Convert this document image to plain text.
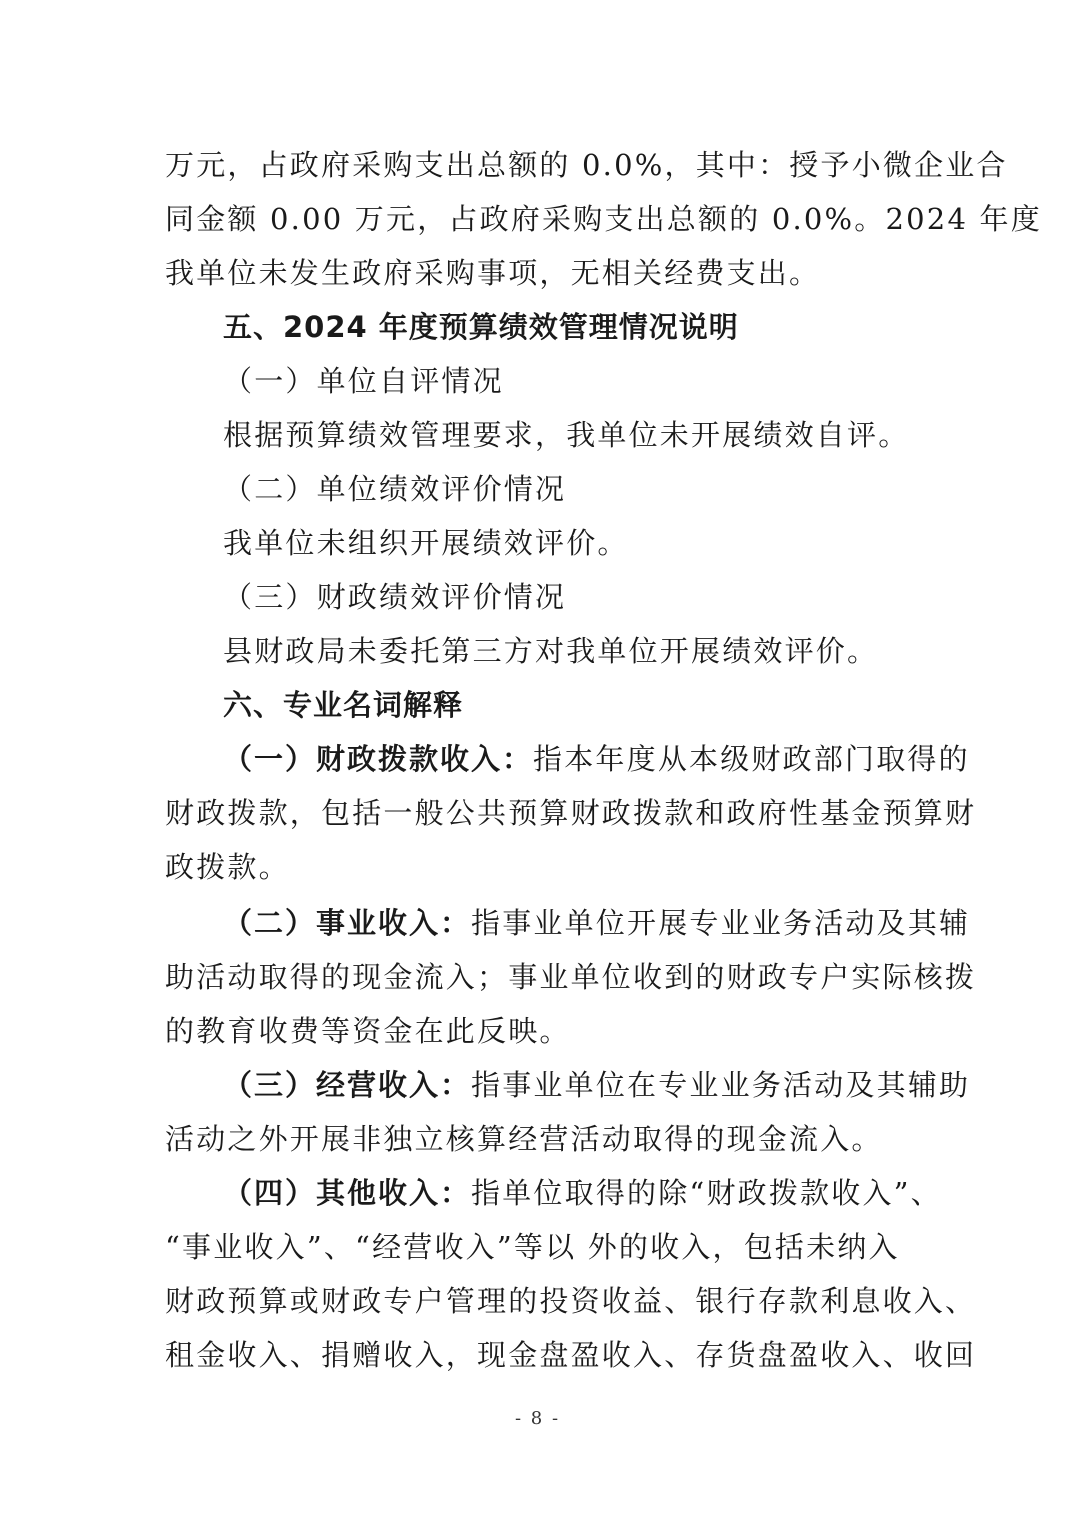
万元，占政府采购支出总额的 0.0%，其中：授予小微企业合
同金额 0.00 万元，占政府采购支出总额的 0.0%。2024 年度
我单位未发生政府采购事项，无相关经费支出。
五、2024 年度预算绩效管理情况说明
（一）单位自评情况
根据预算绩效管理要求，我单位未开展绩效自评。
（二）单位绩效评价情况
我单位未组织开展绩效评价。
（三）财政绩效评价情况
县财政局未委托第三方对我单位开展绩效评价。
六、专业名词解释
（一）财政拨款收入：指本年度从本级财政部门取得的
财政拨款，包括一般公共预算财政拨款和政府性基金预算财
政拨款。
（二）事业收入：指事业单位开展专业业务活动及其辅
助活动取得的现金流入；事业单位收到的财政专户实际核拨
的教育收费等资金在此反映。
（三）经营收入：指事业单位在专业业务活动及其辅助
活动之外开展非独立核算经营活动取得的现金流入。
（四）其他收入：指单位取得的除“财政拨款收入”、
“事业收入”、“经营收入”等以 外的收入，包括未纳入
财政预算或财政专户管理的投资收益、银行存款利息收入、
租金收入、捐赠收入，现金盘盈收入、存货盘盈收入、收回
- 8 -
